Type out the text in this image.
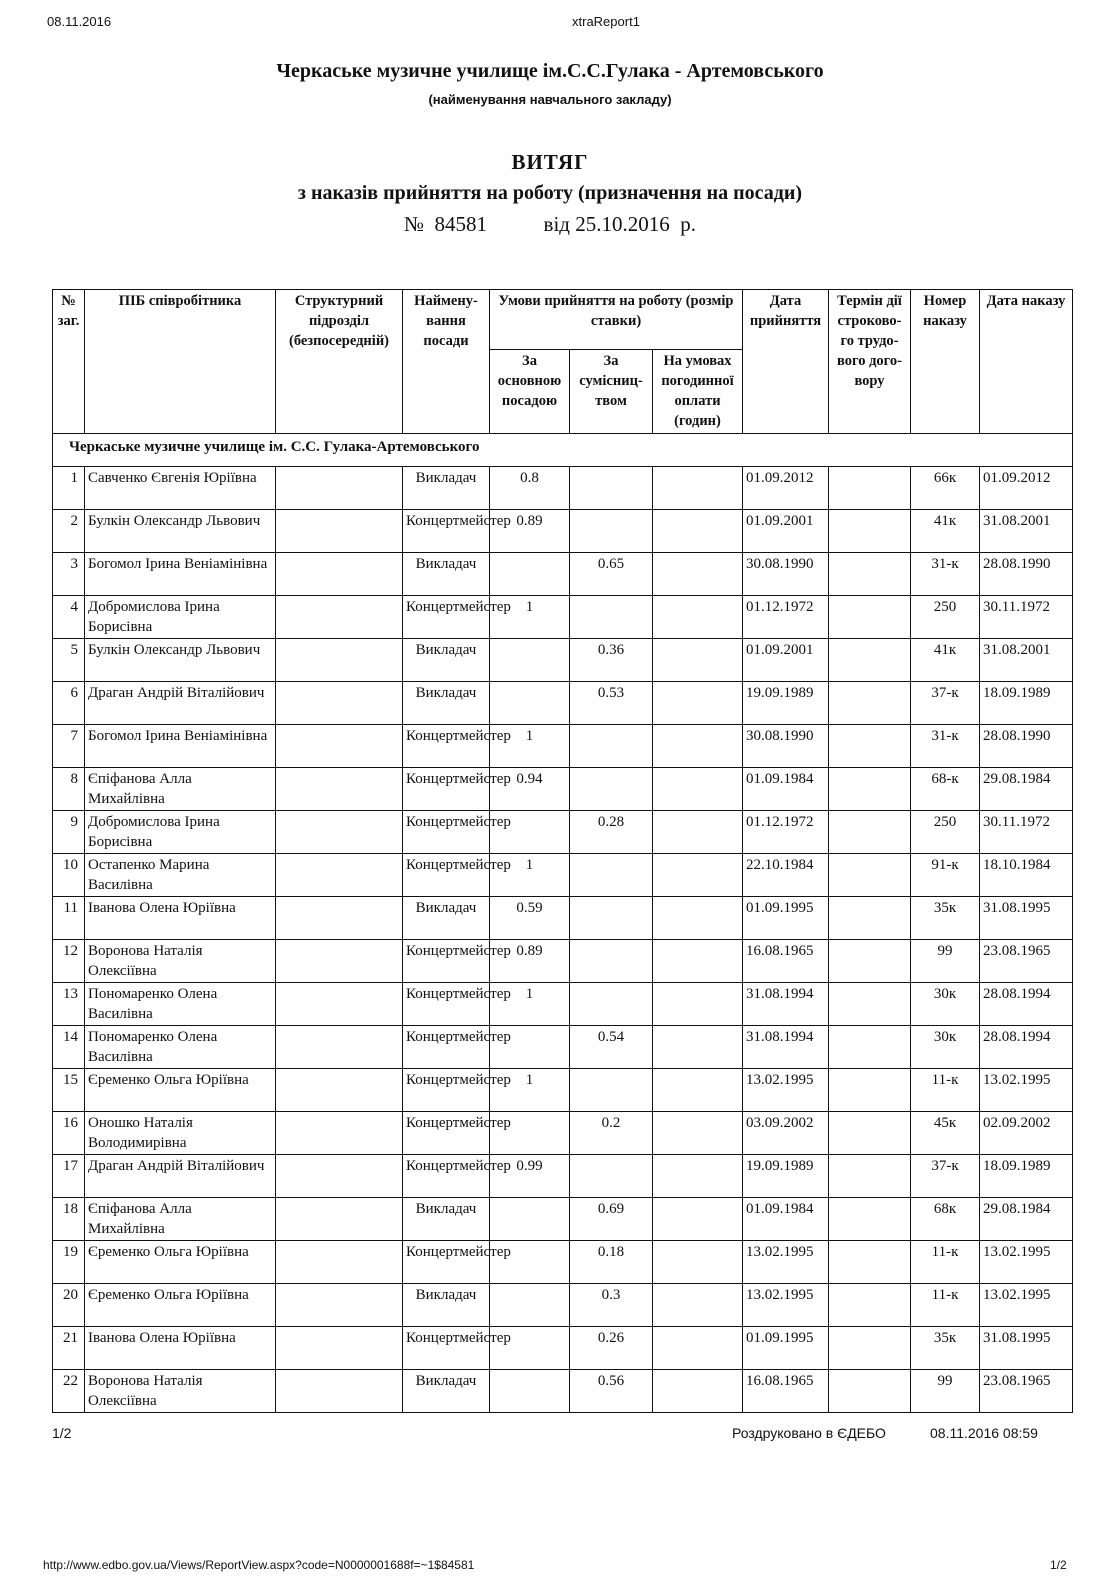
08.11.2016	xtraReport1
Черкаське музичне училище ім.С.С.Гулака - Артемовського
(найменування навчального закладу)
ВИТЯГ
з наказів прийняття на роботу (призначення на посади)
№ 84581	від 25.10.2016 р.
№ заг.	ПІБ співробітника	Структурний підрозділ (безпосередній)	Наймену-вання посади	Умови прийняття на роботу (розмір ставки)			Дата прийняття	Термін дії строково-го трудо-вого дого-вору	Номер наказу	Дата наказу
				За основною посадою	За сумісниц-твом	На умовах погодинної оплати (годин)				
Черкаське музичне училище ім. С.С. Гулака-Артемовського										
1	Савченко Євгенія Юріївна		Викладач	0.8			01.09.2012		66к	01.09.2012
2	Булкін Олександр Львович		Концертмейстер	0.89			01.09.2001		41к	31.08.2001
3	Богомол Ірина Веніамінівна		Викладач		0.65		30.08.1990		31-к	28.08.1990
4	Добромислова Ірина Борисівна		Концертмейстер	1			01.12.1972		250	30.11.1972
5	Булкін Олександр Львович		Викладач		0.36		01.09.2001		41к	31.08.2001
6	Драган Андрій Віталійович		Викладач		0.53		19.09.1989		37-к	18.09.1989
7	Богомол Ірина Веніамінівна		Концертмейстер	1			30.08.1990		31-к	28.08.1990
8	Єпіфанова Алла Михайлівна		Концертмейстер	0.94			01.09.1984		68-к	29.08.1984
9	Добромислова Ірина Борисівна		Концертмейстер		0.28		01.12.1972		250	30.11.1972
10	Остапенко Марина Василівна		Концертмейстер	1			22.10.1984		91-к	18.10.1984
11	Іванова Олена Юріївна		Викладач	0.59			01.09.1995		35к	31.08.1995
12	Воронова Наталія Олексіївна		Концертмейстер	0.89			16.08.1965		99	23.08.1965
13	Пономаренко Олена Василівна		Концертмейстер	1			31.08.1994		30к	28.08.1994
14	Пономаренко Олена Василівна		Концертмейстер		0.54		31.08.1994		30к	28.08.1994
15	Єременко Ольга Юріївна		Концертмейстер	1			13.02.1995		11-к	13.02.1995
16	Оношко Наталія Володимирівна		Концертмейстер		0.2		03.09.2002		45к	02.09.2002
17	Драган Андрій Віталійович		Концертмейстер	0.99			19.09.1989		37-к	18.09.1989
18	Єпіфанова Алла Михайлівна		Викладач		0.69		01.09.1984		68к	29.08.1984
19	Єременко Ольга Юріївна		Концертмейстер		0.18		13.02.1995		11-к	13.02.1995
20	Єременко Ольга Юріївна		Викладач		0.3		13.02.1995		11-к	13.02.1995
21	Іванова Олена Юріївна		Концертмейстер		0.26		01.09.1995		35к	31.08.1995
22	Воронова Наталія Олексіївна		Викладач		0.56		16.08.1965		99	23.08.1965
1/2	Роздруковано в ЄДЕБО	08.11.2016 08:59
http://www.edbo.gov.ua/Views/ReportView.aspx?code=N0000001688f=~1$84581	1/2
